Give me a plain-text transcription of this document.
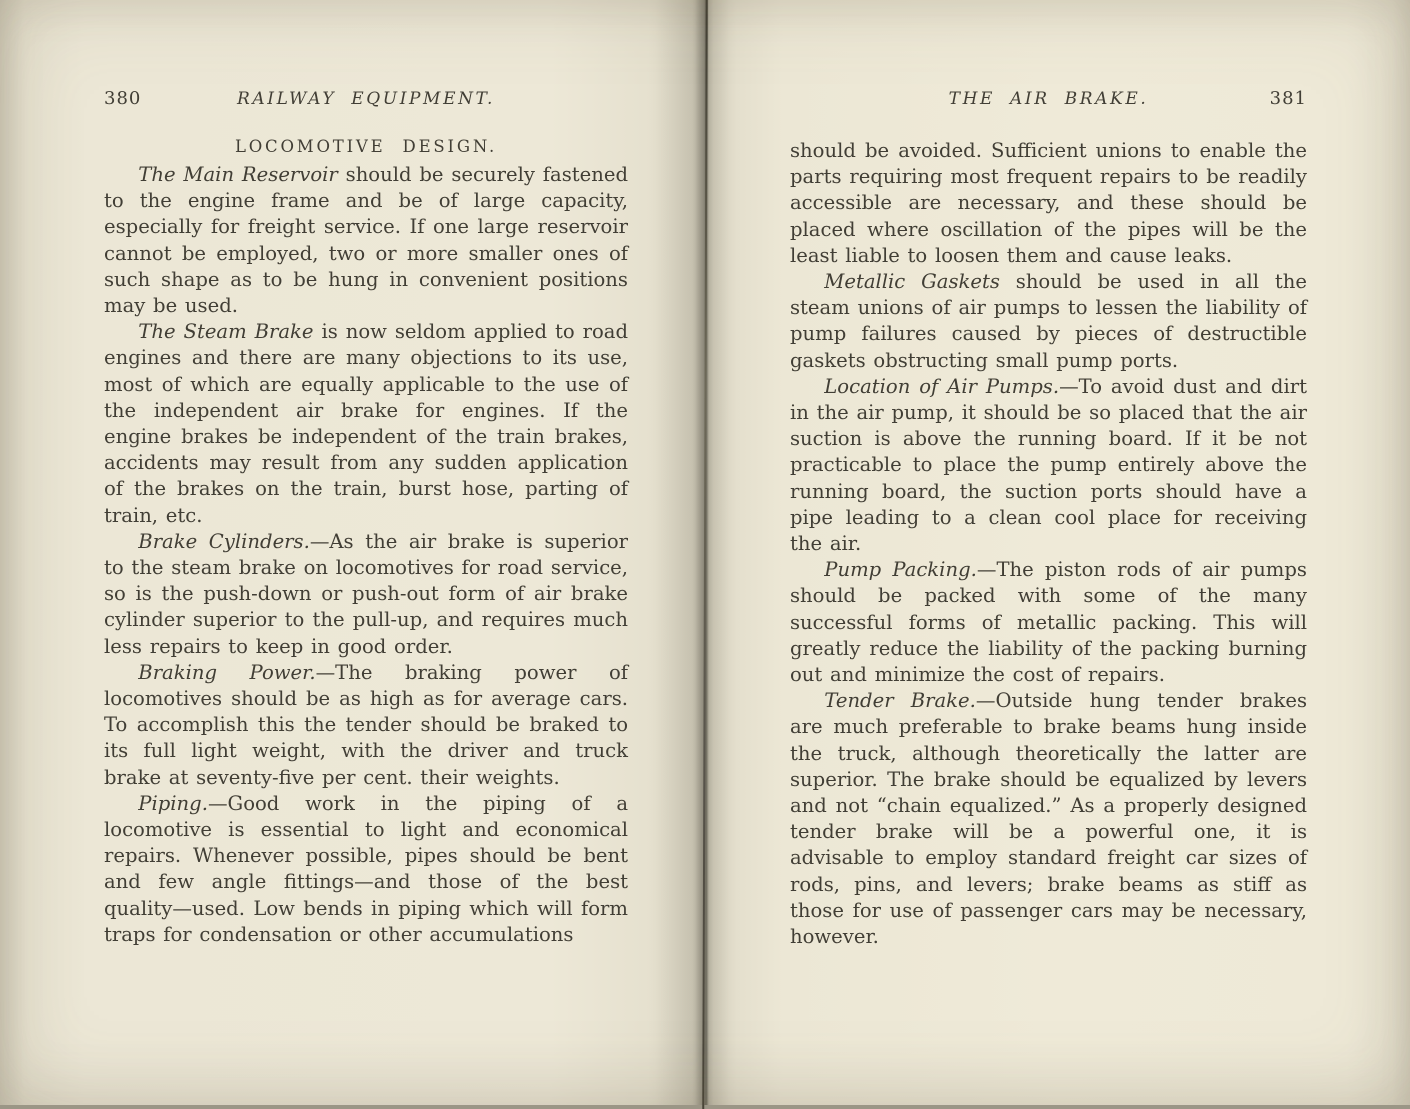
380	RAILWAY EQUIPMENT.
LOCOMOTIVE DESIGN.

The Main Reservoir should be securely fastened to the engine frame and be of large capacity, especially for freight service. If one large reservoir cannot be employed, two or more smaller ones of such shape as to be hung in convenient positions may be used.

The Steam Brake is now seldom applied to road engines and there are many objections to its use, most of which are equally applicable to the use of the independent air brake for engines. If the engine brakes be independent of the train brakes, accidents may result from any sudden application of the brakes on the train, burst hose, parting of train, etc.

Brake Cylinders.—As the air brake is superior to the steam brake on locomotives for road service, so is the push-down or push-out form of air brake cylinder superior to the pull-up, and requires much less repairs to keep in good order.

Braking Power.—The braking power of locomotives should be as high as for average cars. To accomplish this the tender should be braked to its full light weight, with the driver and truck brake at seventy-five per cent. their weights.

Piping.—Good work in the piping of a locomotive is essential to light and economical repairs. Whenever possible, pipes should be bent and few angle fittings—and those of the best quality—used. Low bends in piping which will form traps for condensation or other accumulations

THE AIR BRAKE.	381

should be avoided. Sufficient unions to enable the parts requiring most frequent repairs to be readily accessible are necessary, and these should be placed where oscillation of the pipes will be the least liable to loosen them and cause leaks.

Metallic Gaskets should be used in all the steam unions of air pumps to lessen the liability of pump failures caused by pieces of destructible gaskets obstructing small pump ports.

Location of Air Pumps.—To avoid dust and dirt in the air pump, it should be so placed that the air suction is above the running board. If it be not practicable to place the pump entirely above the running board, the suction ports should have a pipe leading to a clean cool place for receiving the air.

Pump Packing.—The piston rods of air pumps should be packed with some of the many successful forms of metallic packing. This will greatly reduce the liability of the packing burning out and minimize the cost of repairs.

Tender Brake.—Outside hung tender brakes are much preferable to brake beams hung inside the truck, although theoretically the latter are superior. The brake should be equalized by levers and not “chain equalized.” As a properly designed tender brake will be a powerful one, it is advisable to employ standard freight car sizes of rods, pins, and levers; brake beams as stiff as those for use of passenger cars may be necessary, however.
